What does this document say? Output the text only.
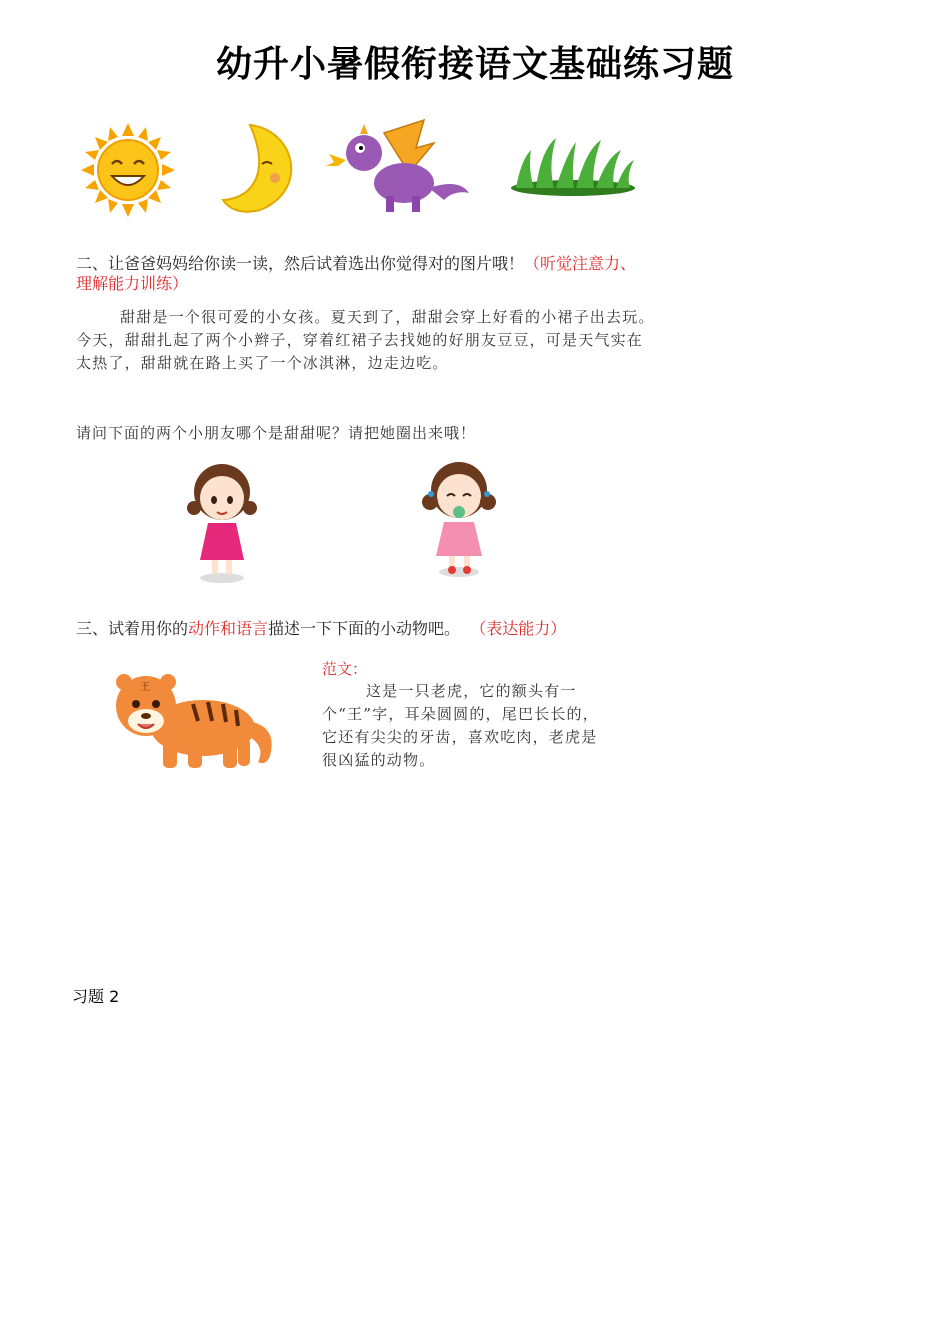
幼升小暑假衔接语文基础练习题
二、让爸爸妈妈给你读一读，然后试着选出你觉得对的图片哦！（听觉注意力、
理解能力训练）
甜甜是一个很可爱的小女孩。夏天到了，甜甜会穿上好看的小裙子出去玩。今天，甜甜扎起了两个小辫子，穿着红裙子去找她的好朋友豆豆，可是天气实在太热了，甜甜就在路上买了一个冰淇淋，边走边吃。
请问下面的两个小朋友哪个是甜甜呢？请把她圈出来哦！
三、试着用你的动作和语言描述一下下面的小动物吧。 （表达能力）
王
范文：
这是一只老虎，它的额头有一个“王”字，耳朵圆圆的，尾巴长长的，它还有尖尖的牙齿，喜欢吃肉，老虎是很凶猛的动物。
习题 2
